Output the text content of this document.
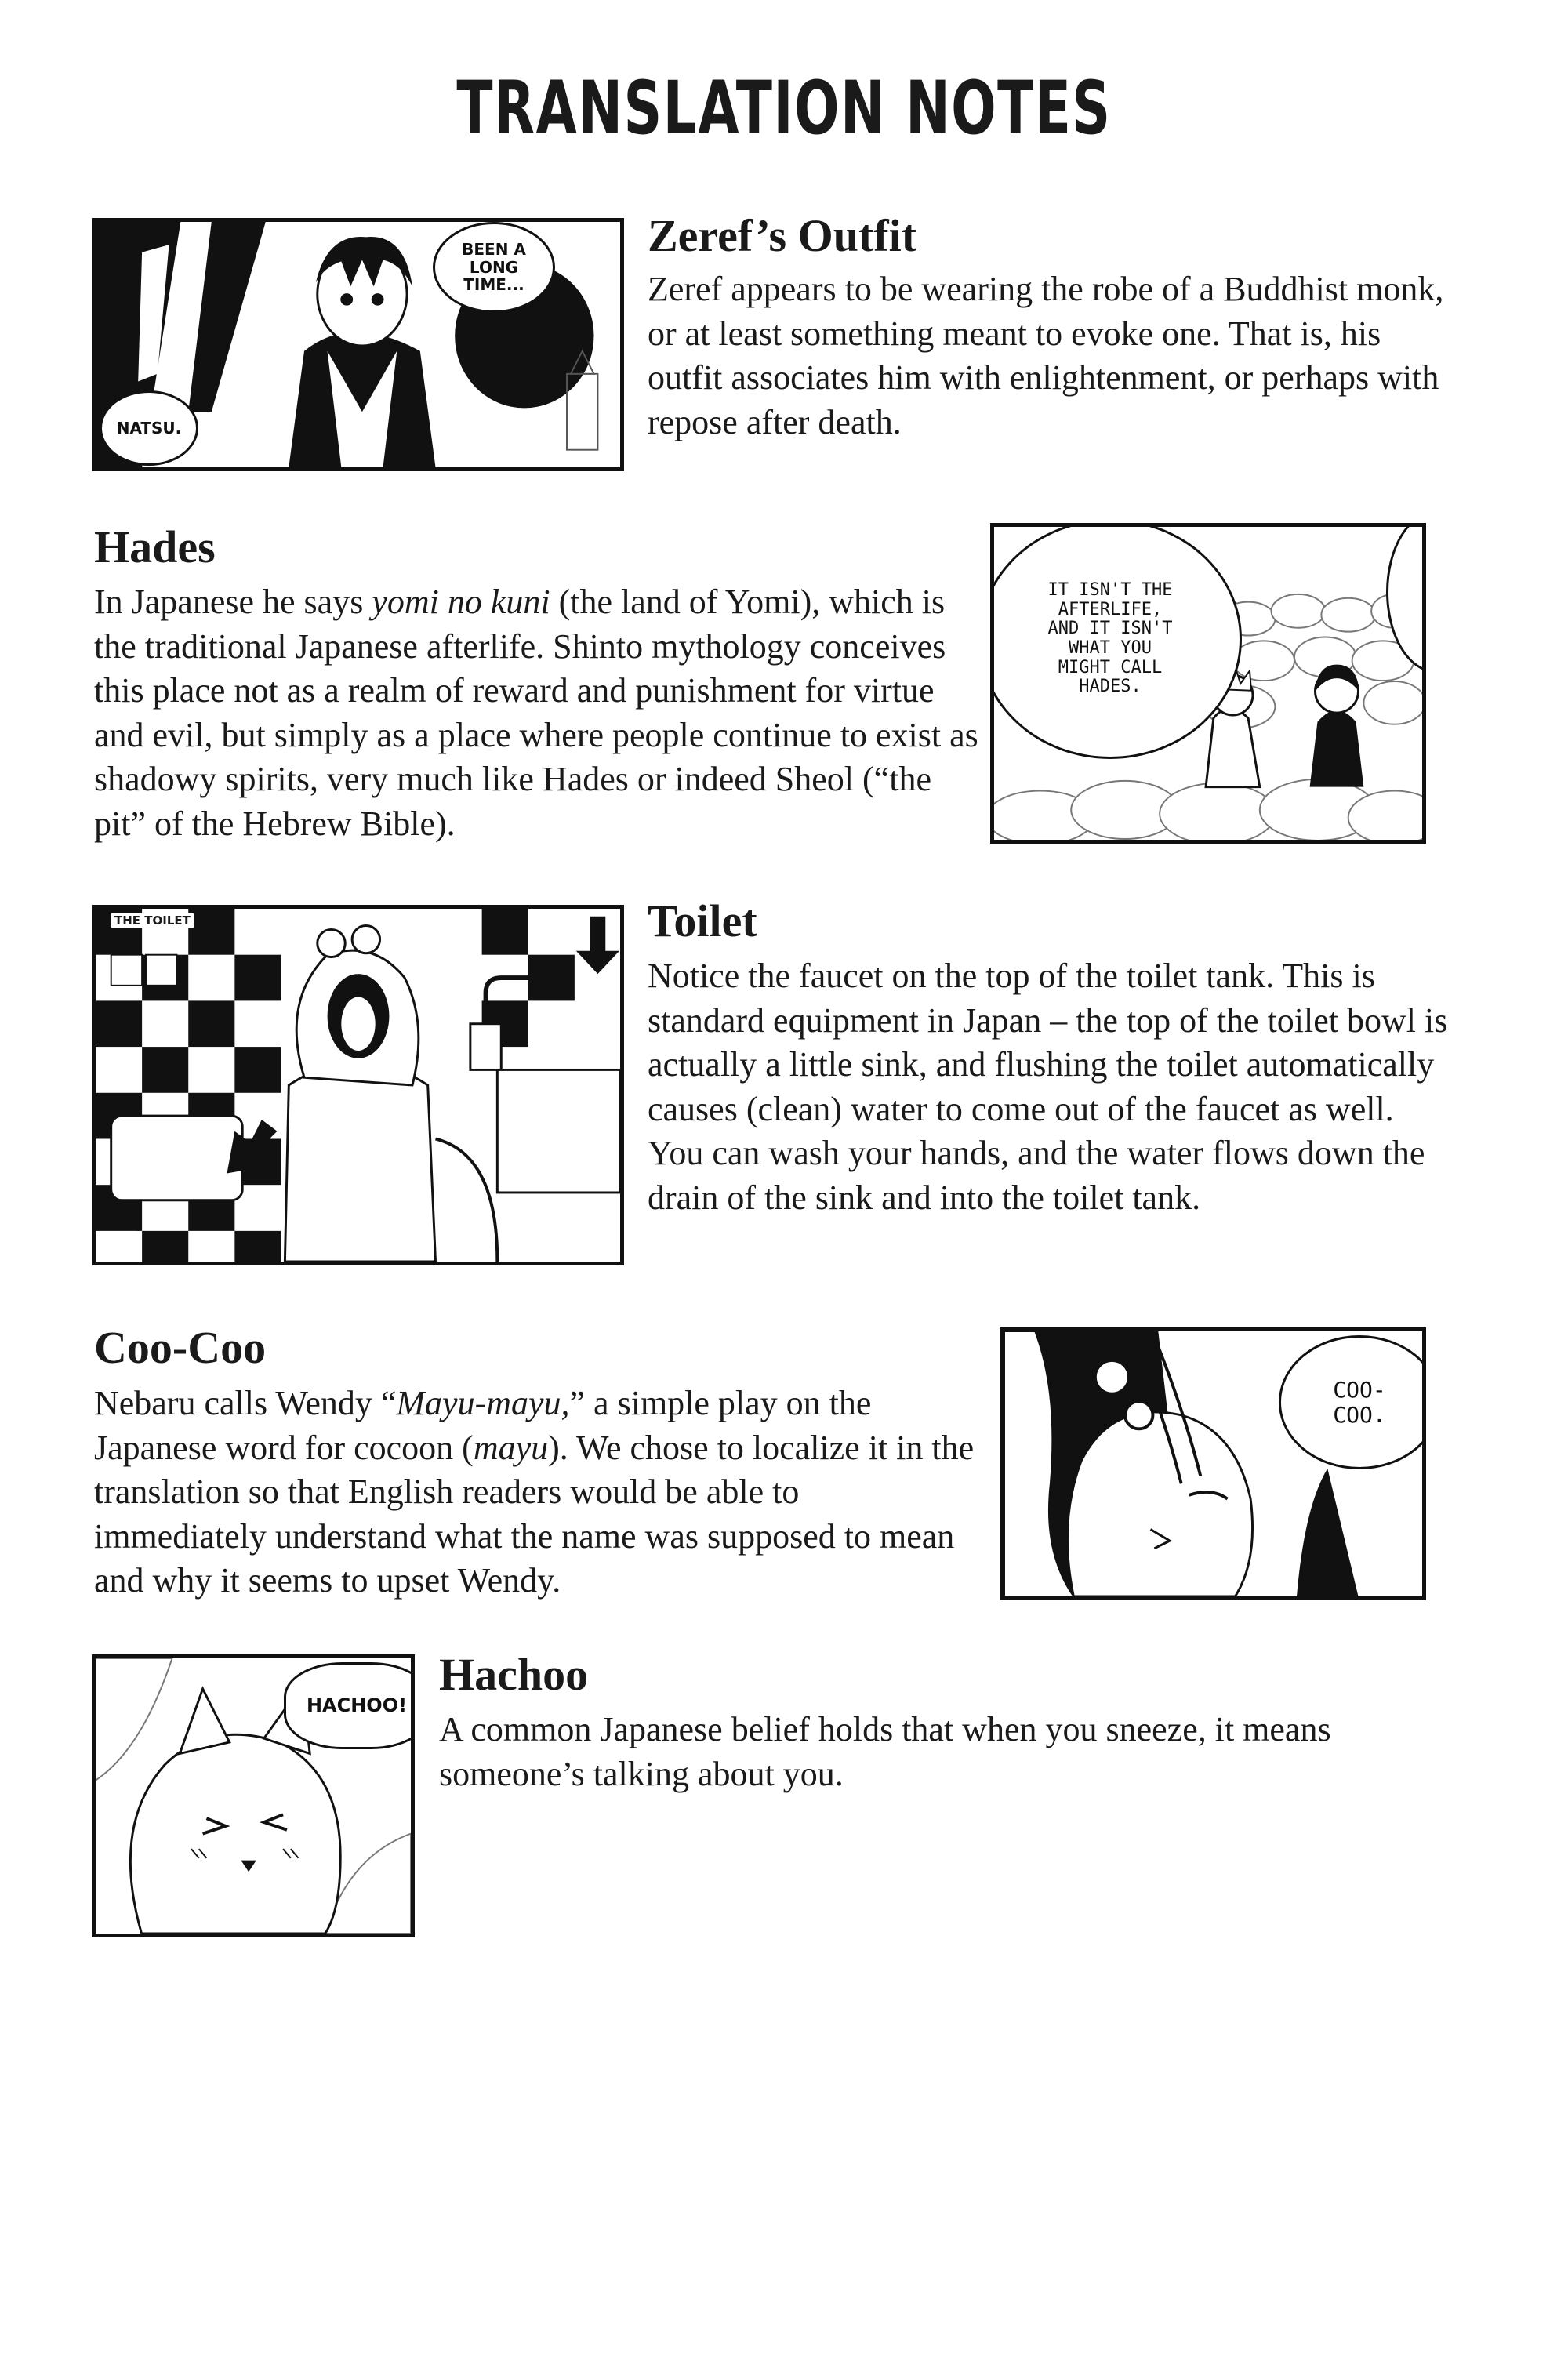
TRANSLATION NOTES
BEEN A
LONG
TIME...
NATSU.
Zeref’s Outfit

Zeref appears to be wearing the robe of a Buddhist monk, or at least something meant to evoke one. That is, his outfit associates him with enlightenment, or perhaps with repose after death.

Hades

In Japanese he says yomi no kuni (the land of Yomi), which is the traditional Japanese afterlife. Shinto mythology conceives this place not as a realm of reward and punishment for virtue and evil, but simply as a place where people continue to exist as shadowy spirits, very much like Hades or indeed Sheol (“the pit” of the Hebrew Bible).

IT ISN'T THE
AFTERLIFE,
AND IT ISN'T
WHAT YOU
MIGHT CALL
HADES.
THE TOILET	Toilet

Notice the faucet on the top of the toilet tank. This is standard equipment in Japan – the top of the toilet bowl is actually a little sink, and flushing the toilet automatically causes (clean) water to come out of the faucet as well. You can wash your hands, and the water flows down the drain of the sink and into the toilet tank.

Coo-Coo

Nebaru calls Wendy “Mayu-mayu,” a simple play on the Japanese word for cocoon (mayu). We chose to localize it in the translation so that English readers would be able to immediately understand what the name was supposed to mean and why it seems to upset Wendy.

COO-
COO.
HACHOO!
Hachoo

A common Japanese belief holds that when you sneeze, it means someone’s talking about you.
